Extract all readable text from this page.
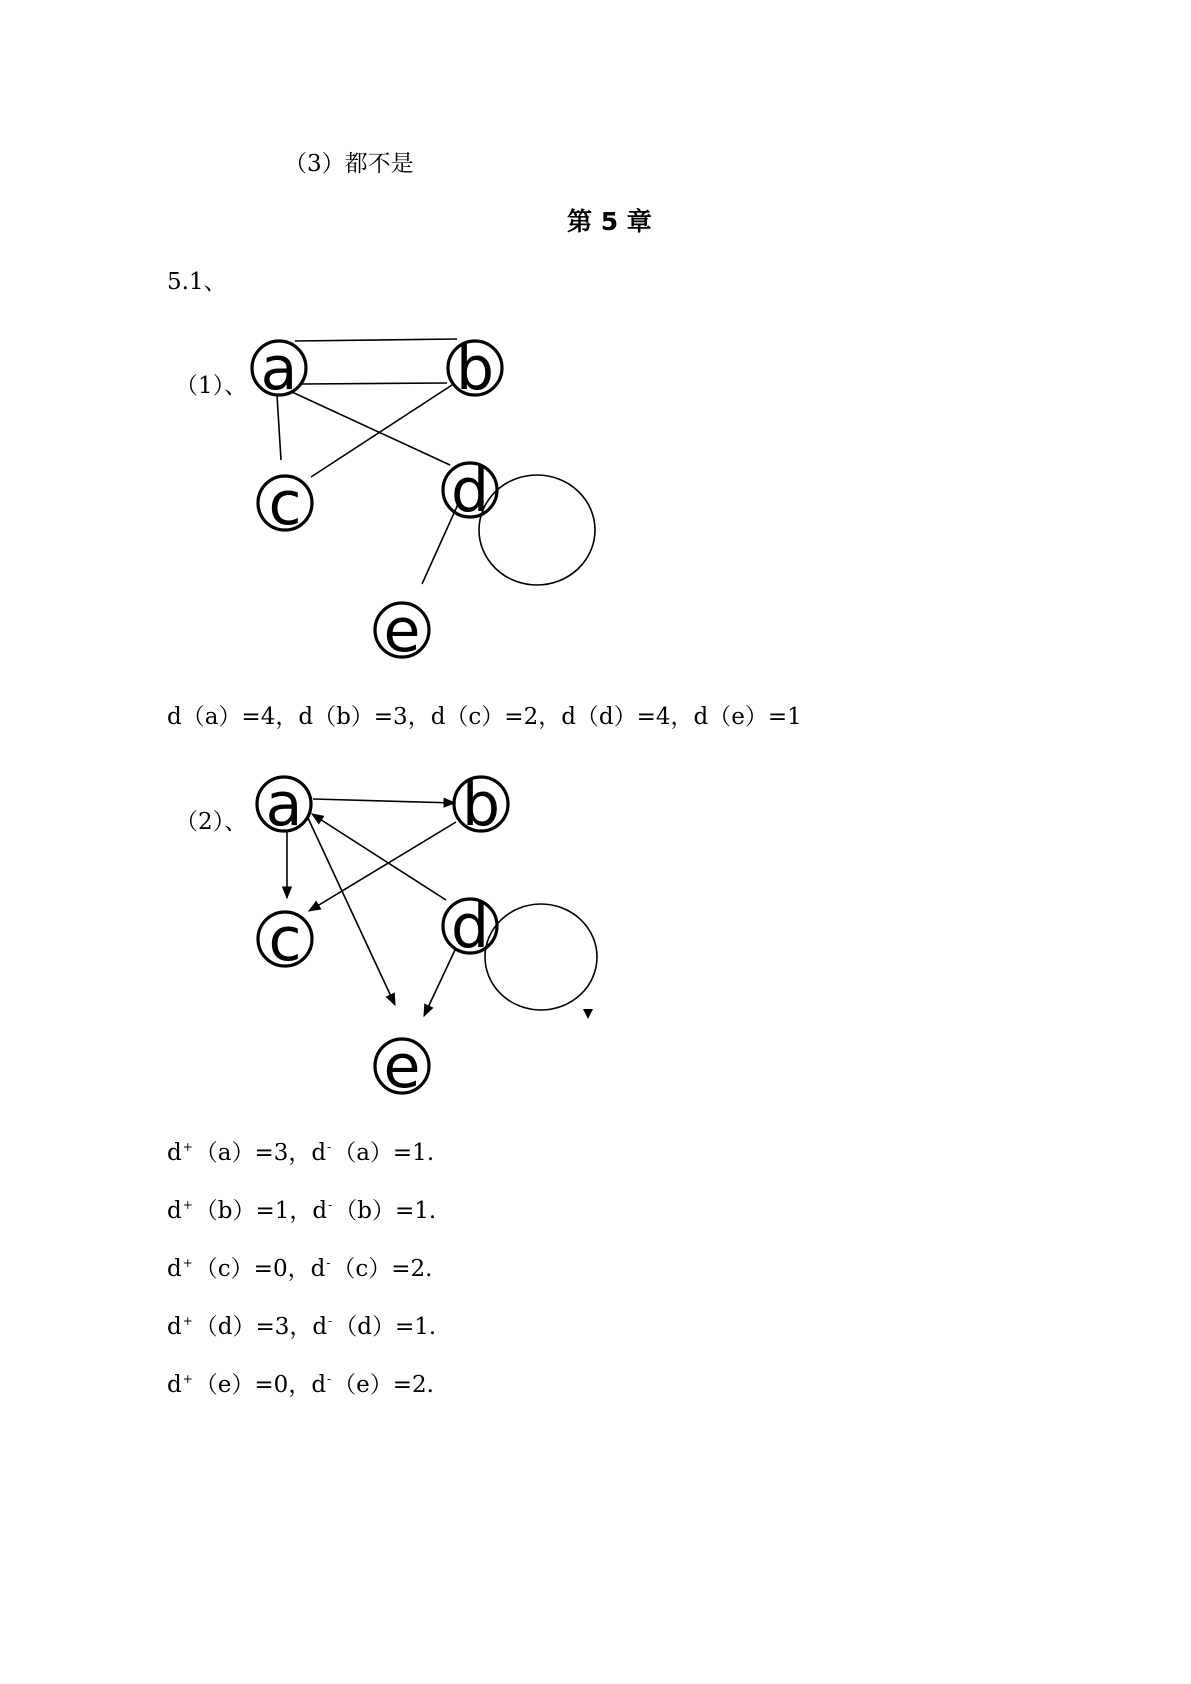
（3）都不是
第 5 章
5.1、
（1）、 a	b
c d
e
d（a）=4，d（b）=3，d（c）=2，d（d）=4，d（e）=1
（2）、 a	b
c d
e
d+（a）=3，d-（a）=1.
d+（b）=1，d-（b）=1.
d+（c）=0，d-（c）=2.
d+（d）=3，d-（d）=1.
d+（e）=0，d-（e）=2.
